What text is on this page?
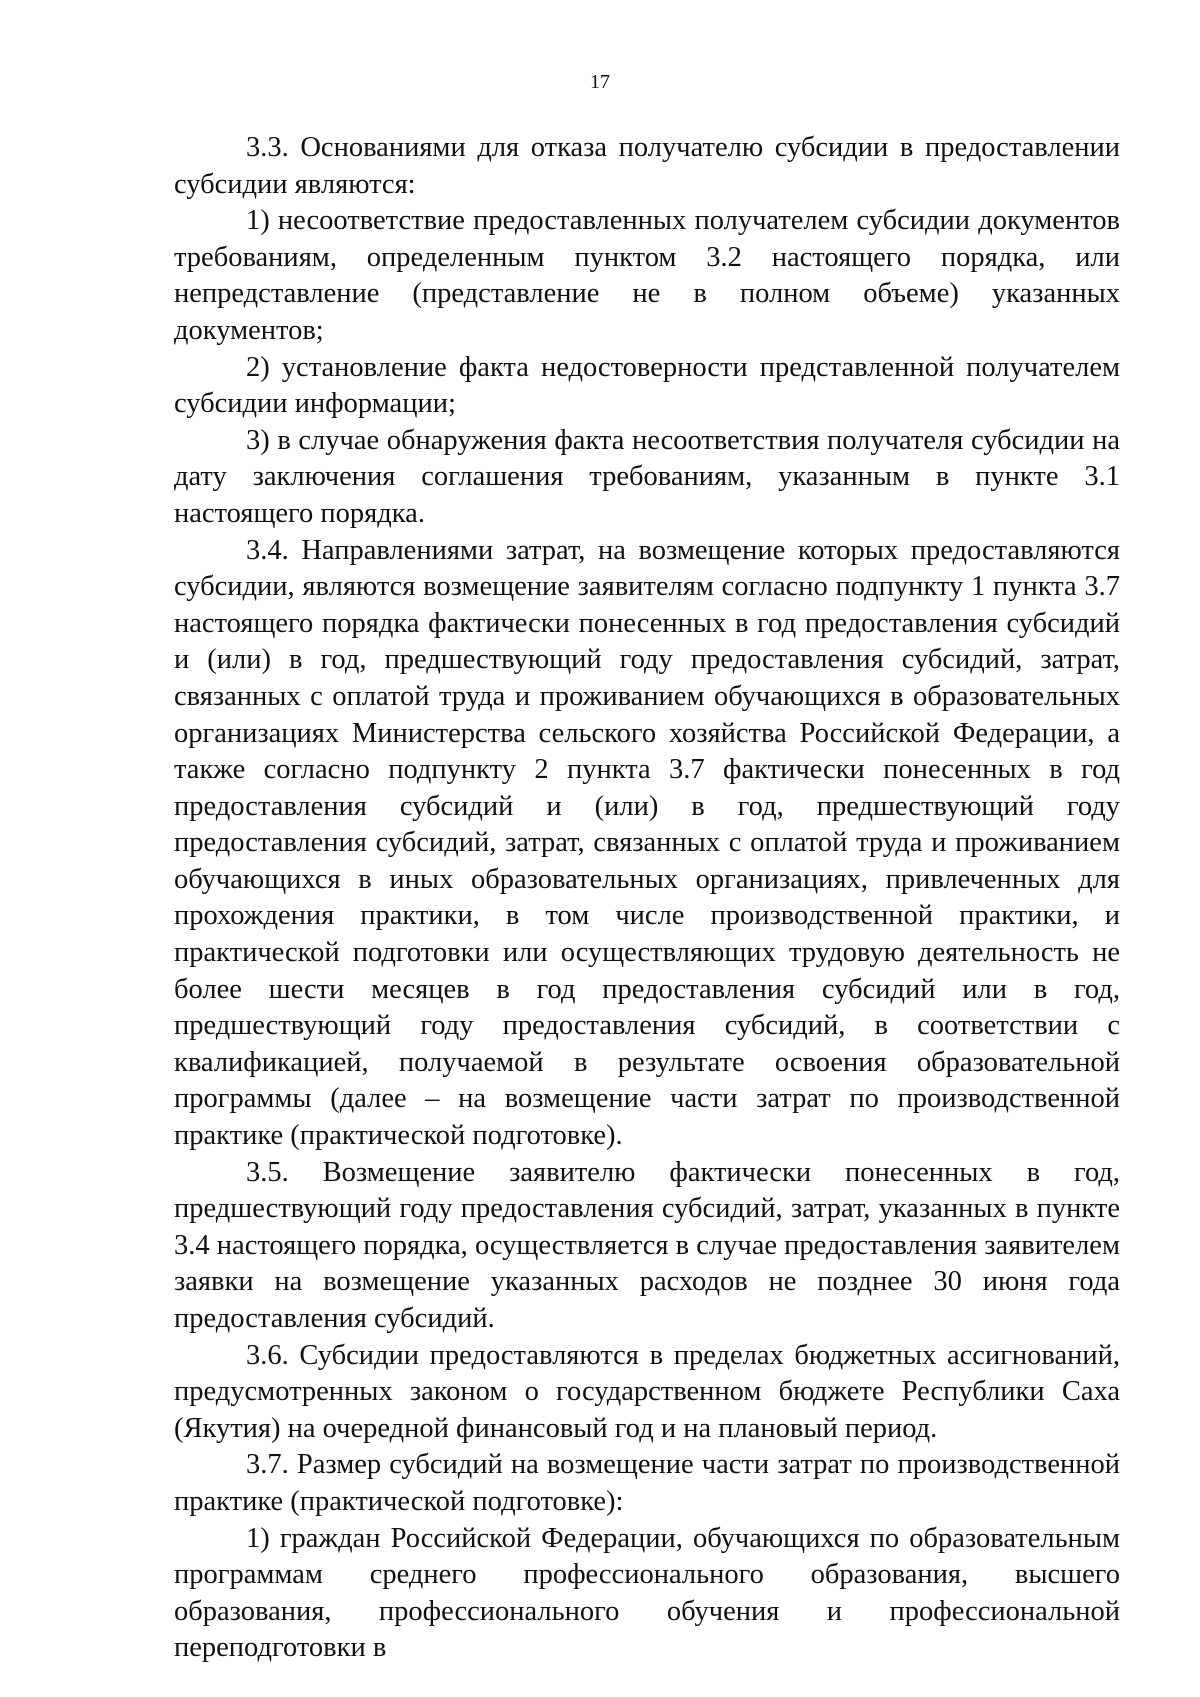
17

3.3. Основаниями для отказа получателю субсидии в предоставлении субсидии являются:

1) несоответствие предоставленных получателем субсидии документов требованиям, определенным пунктом 3.2 настоящего порядка, или непредставление (представление не в полном объеме) указанных документов;

2) установление факта недостоверности представленной получателем субсидии информации;

3) в случае обнаружения факта несоответствия получателя субсидии на дату заключения соглашения требованиям, указанным в пункте 3.1 настоящего порядка.

3.4. Направлениями затрат, на возмещение которых предоставляются субсидии, являются возмещение заявителям согласно подпункту 1 пункта 3.7 настоящего порядка фактически понесенных в год предоставления субсидий и (или) в год, предшествующий году предоставления субсидий, затрат, связанных с оплатой труда и проживанием обучающихся в образовательных организациях Министерства сельского хозяйства Российской Федерации, а также согласно подпункту 2 пункта 3.7 фактически понесенных в год предоставления субсидий и (или) в год, предшествующий году предоставления субсидий, затрат, связанных с оплатой труда и проживанием обучающихся в иных образовательных организациях, привлеченных для прохождения практики, в том числе производственной практики, и практической подготовки или осуществляющих трудовую деятельность не более шести месяцев в год предоставления субсидий или в год, предшествующий году предоставления субсидий, в соответствии с квалификацией, получаемой в результате освоения образовательной программы (далее – на возмещение части затрат по производственной практике (практической подготовке).

3.5. Возмещение заявителю фактически понесенных в год, предшествующий году предоставления субсидий, затрат, указанных в пункте 3.4 настоящего порядка, осуществляется в случае предоставления заявителем заявки на возмещение указанных расходов не позднее 30 июня года предоставления субсидий.

3.6. Субсидии предоставляются в пределах бюджетных ассигнований, предусмотренных законом о государственном бюджете Республики Саха (Якутия) на очередной финансовый год и на плановый период.

3.7. Размер субсидий на возмещение части затрат по производственной практике (практической подготовке):

1) граждан Российской Федерации, обучающихся по образовательным программам среднего профессионального образования, высшего образования, профессионального обучения и профессиональной переподготовки в
